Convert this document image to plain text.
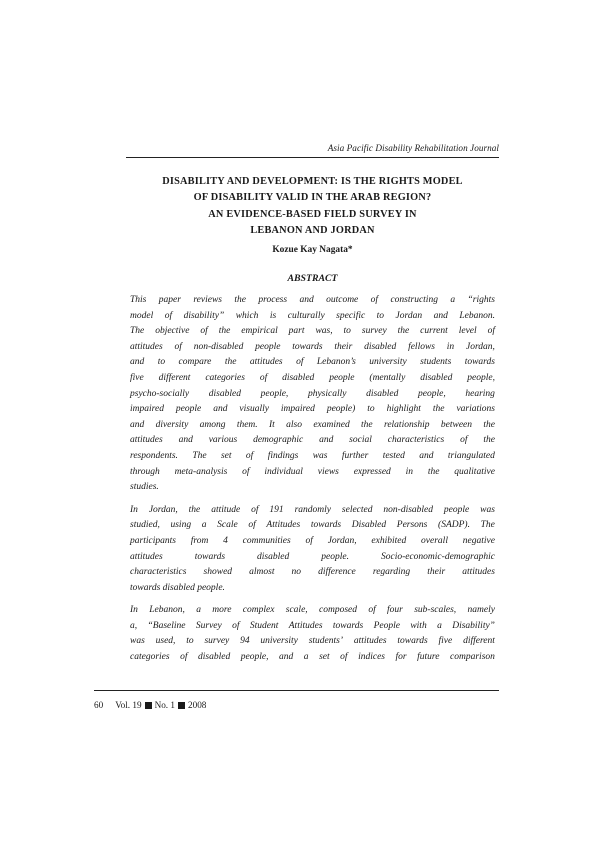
Asia Pacific Disability Rehabilitation Journal
DISABILITY AND DEVELOPMENT: IS THE RIGHTS MODEL
OF DISABILITY VALID IN THE ARAB REGION?
AN EVIDENCE-BASED FIELD SURVEY IN
LEBANON AND JORDAN
Kozue Kay Nagata*
ABSTRACT
This paper reviews the process and outcome of constructing a “rights
model of disability” which is culturally specific to Jordan and Lebanon.
The objective of the empirical part was, to survey the current level of
attitudes of non-disabled people towards their disabled fellows in Jordan,
and to compare the attitudes of Lebanon’s university students towards
five different categories of disabled people (mentally disabled people,
psycho-socially disabled people, physically disabled people, hearing
impaired people and visually impaired people) to highlight the variations
and diversity among them. It also examined the relationship between the
attitudes and various demographic and social characteristics of the
respondents. The set of findings was further tested and triangulated
through meta-analysis of individual views expressed in the qualitative
studies.
In Jordan, the attitude of 191 randomly selected non-disabled people was
studied, using a Scale of Attitudes towards Disabled Persons (SADP). The
participants from 4 communities of Jordan, exhibited overall negative
attitudes	towards	disabled	people.	Socio-economic-demographic
characteristics showed almost no difference regarding their attitudes
towards disabled people.
In Lebanon, a more complex scale, composed of four sub-scales, namely
a, “Baseline Survey of Student Attitudes towards People with a Disability”
was used, to survey 94 university students’ attitudes towards five different
categories of disabled people, and a set of indices for future comparison
60 Vol. 19 No. 1 2008
